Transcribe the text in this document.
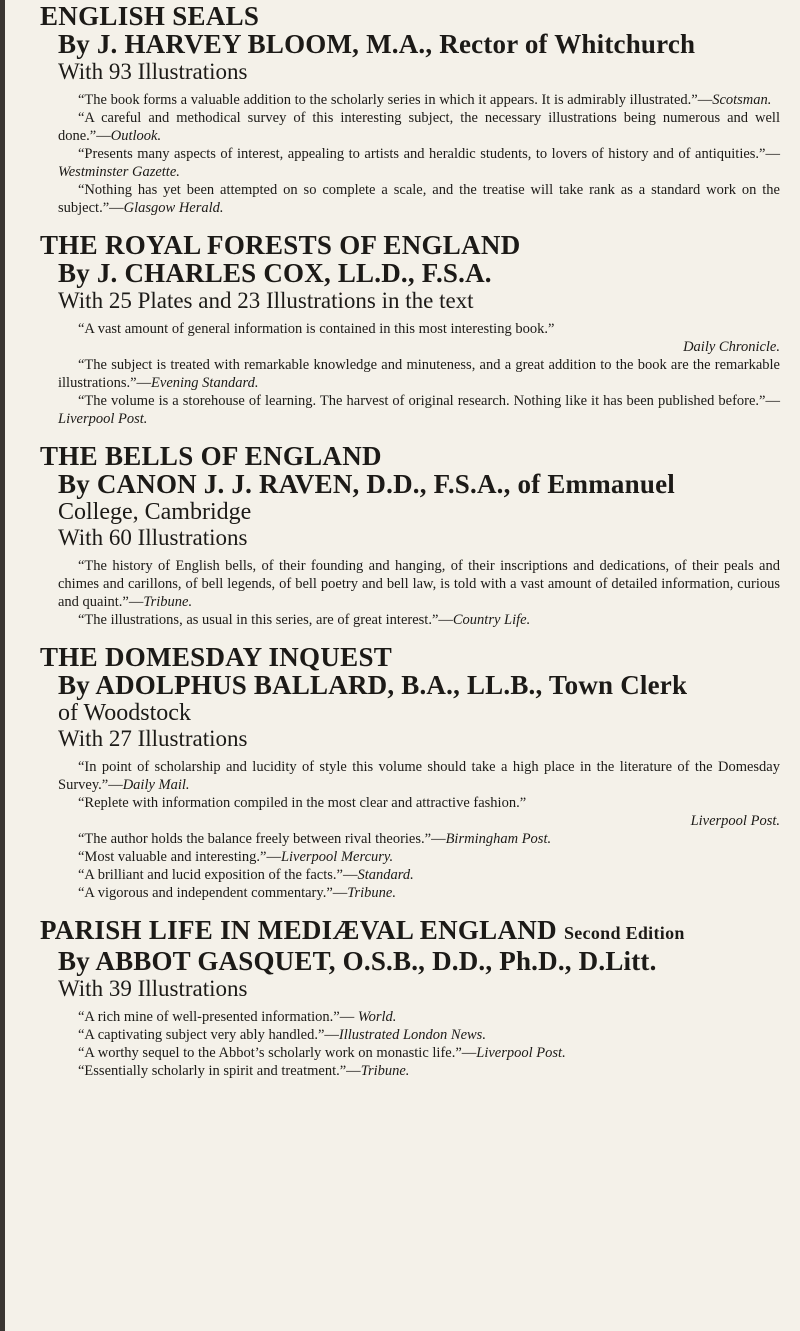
ENGLISH SEALS
By J. HARVEY BLOOM, M.A., Rector of Whitchurch
With 93 Illustrations
“The book forms a valuable addition to the scholarly series in which it appears. It is admirably illustrated.”—Scotsman.
“A careful and methodical survey of this interesting subject, the necessary illustrations being numerous and well done.”—Outlook.
“Presents many aspects of interest, appealing to artists and heraldic students, to lovers of history and of antiquities.”—Westminster Gazette.
“Nothing has yet been attempted on so complete a scale, and the treatise will take rank as a standard work on the subject.”—Glasgow Herald.
THE ROYAL FORESTS OF ENGLAND
By J. CHARLES COX, LL.D., F.S.A.
With 25 Plates and 23 Illustrations in the text
“A vast amount of general information is contained in this most interesting book.”
Daily Chronicle.
“The subject is treated with remarkable knowledge and minuteness, and a great addition to the book are the remarkable illustrations.”—Evening Standard.
“The volume is a storehouse of learning. The harvest of original research. Nothing like it has been published before.”—Liverpool Post.
THE BELLS OF ENGLAND
By CANON J. J. RAVEN, D.D., F.S.A., of Emmanuel
College, Cambridge
With 60 Illustrations
“The history of English bells, of their founding and hanging, of their inscriptions and dedications, of their peals and chimes and carillons, of bell legends, of bell poetry and bell law, is told with a vast amount of detailed information, curious and quaint.”—Tribune.
“The illustrations, as usual in this series, are of great interest.”—Country Life.
THE DOMESDAY INQUEST
By ADOLPHUS BALLARD, B.A., LL.B., Town Clerk
of Woodstock
With 27 Illustrations
“In point of scholarship and lucidity of style this volume should take a high place in the literature of the Domesday Survey.”—Daily Mail.
“Replete with information compiled in the most clear and attractive fashion.”
Liverpool Post.
“The author holds the balance freely between rival theories.”—Birmingham Post.
“Most valuable and interesting.”—Liverpool Mercury.
“A brilliant and lucid exposition of the facts.”—Standard.
“A vigorous and independent commentary.”—Tribune.
PARISH LIFE IN MEDIÆVAL ENGLAND Second Edition
By ABBOT GASQUET, O.S.B., D.D., Ph.D., D.Litt.
With 39 Illustrations
“A rich mine of well-presented information.”— World.
“A captivating subject very ably handled.”—Illustrated London News.
“A worthy sequel to the Abbot’s scholarly work on monastic life.”—Liverpool Post.
“Essentially scholarly in spirit and treatment.”—Tribune.
